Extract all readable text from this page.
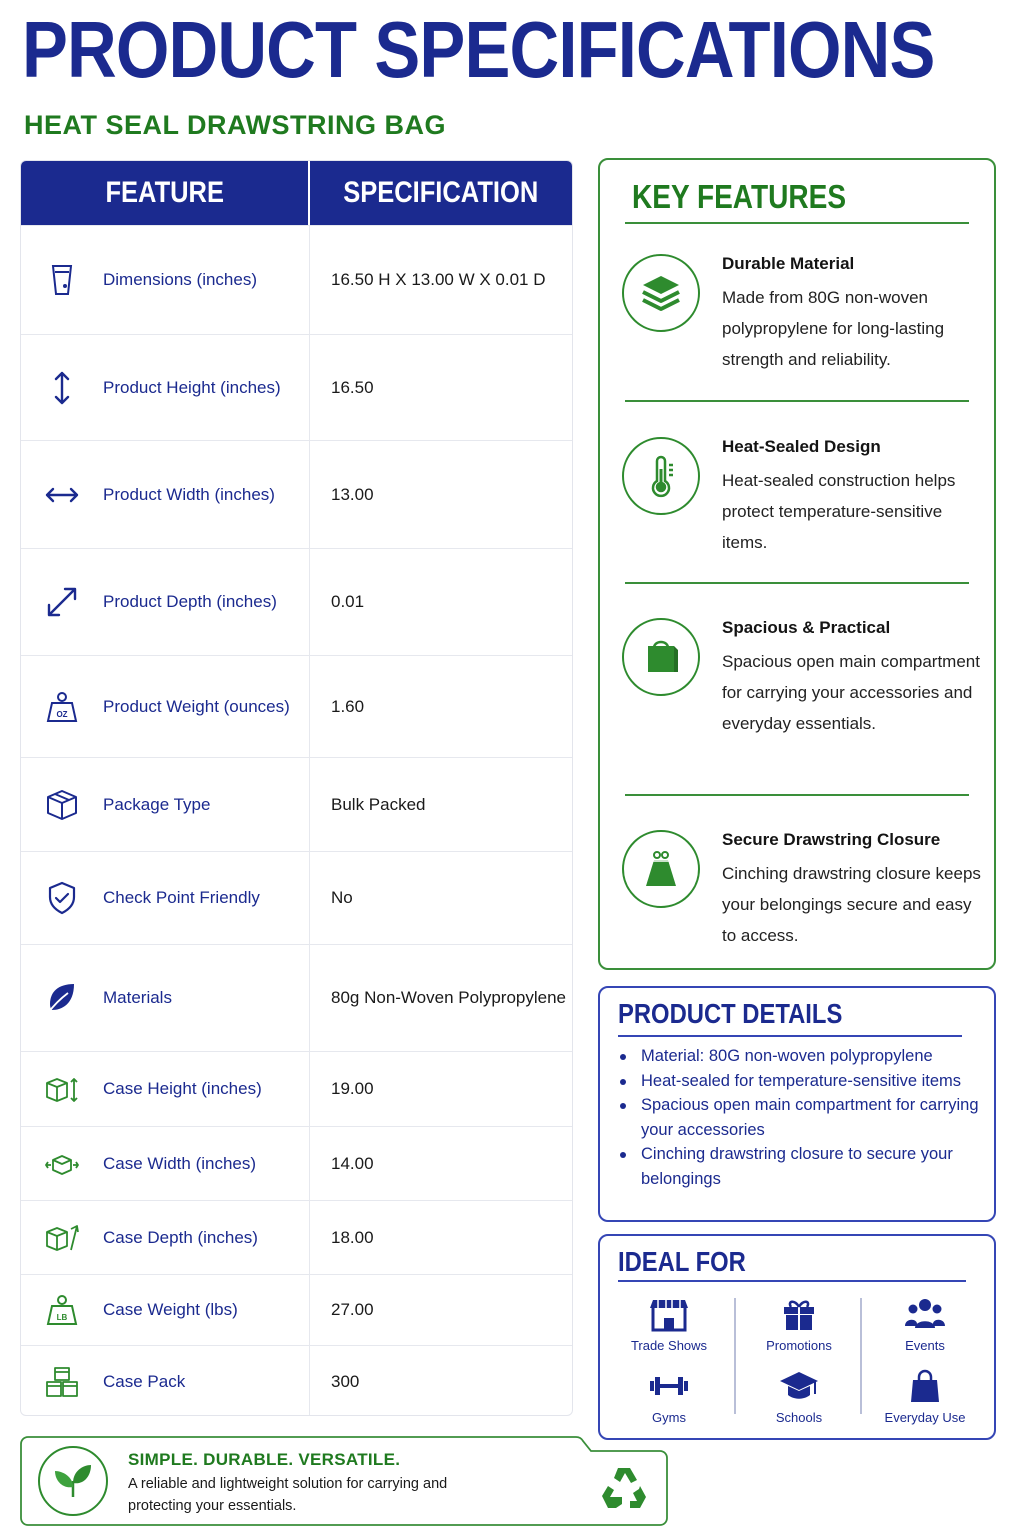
PRODUCT SPECIFICATIONS
HEAT SEAL DRAWSTRING BAG
FEATURE	SPECIFICATION
Dimensions (inches)	16.50 H X 13.00 W X 0.01 D
Product Height (inches)	16.50
Product Width (inches)	13.00
Product Depth (inches)	0.01
OZ Product Weight (ounces)	1.60
Package Type	Bulk Packed
Check Point Friendly	No
Materials	80g Non-Woven Polypropylene
Case Height (inches)	19.00
Case Width (inches)	14.00
Case Depth (inches)	18.00
LB Case Weight (lbs)	27.00
Case Pack	300
KEY FEATURES
Durable Material
Made from 80G non-woven polypropylene for long-lasting strength and reliability.
Heat-Sealed Design
Heat-sealed construction helps protect temperature-sensitive items.
Spacious & Practical
Spacious open main compartment for carrying your accessories and everyday essentials.
Secure Drawstring Closure
Cinching drawstring closure keeps your belongings secure and easy to access.
PRODUCT DETAILS
Material: 80G non-woven polypropylene
Heat-sealed for temperature-sensitive items
Spacious open main compartment for carrying your accessories
Cinching drawstring closure to secure your belongings
IDEAL FOR
Trade Shows	Promotions	Events
Gyms	Schools	Everyday Use
SIMPLE. DURABLE. VERSATILE.
A reliable and lightweight solution for carrying and protecting your essentials.
